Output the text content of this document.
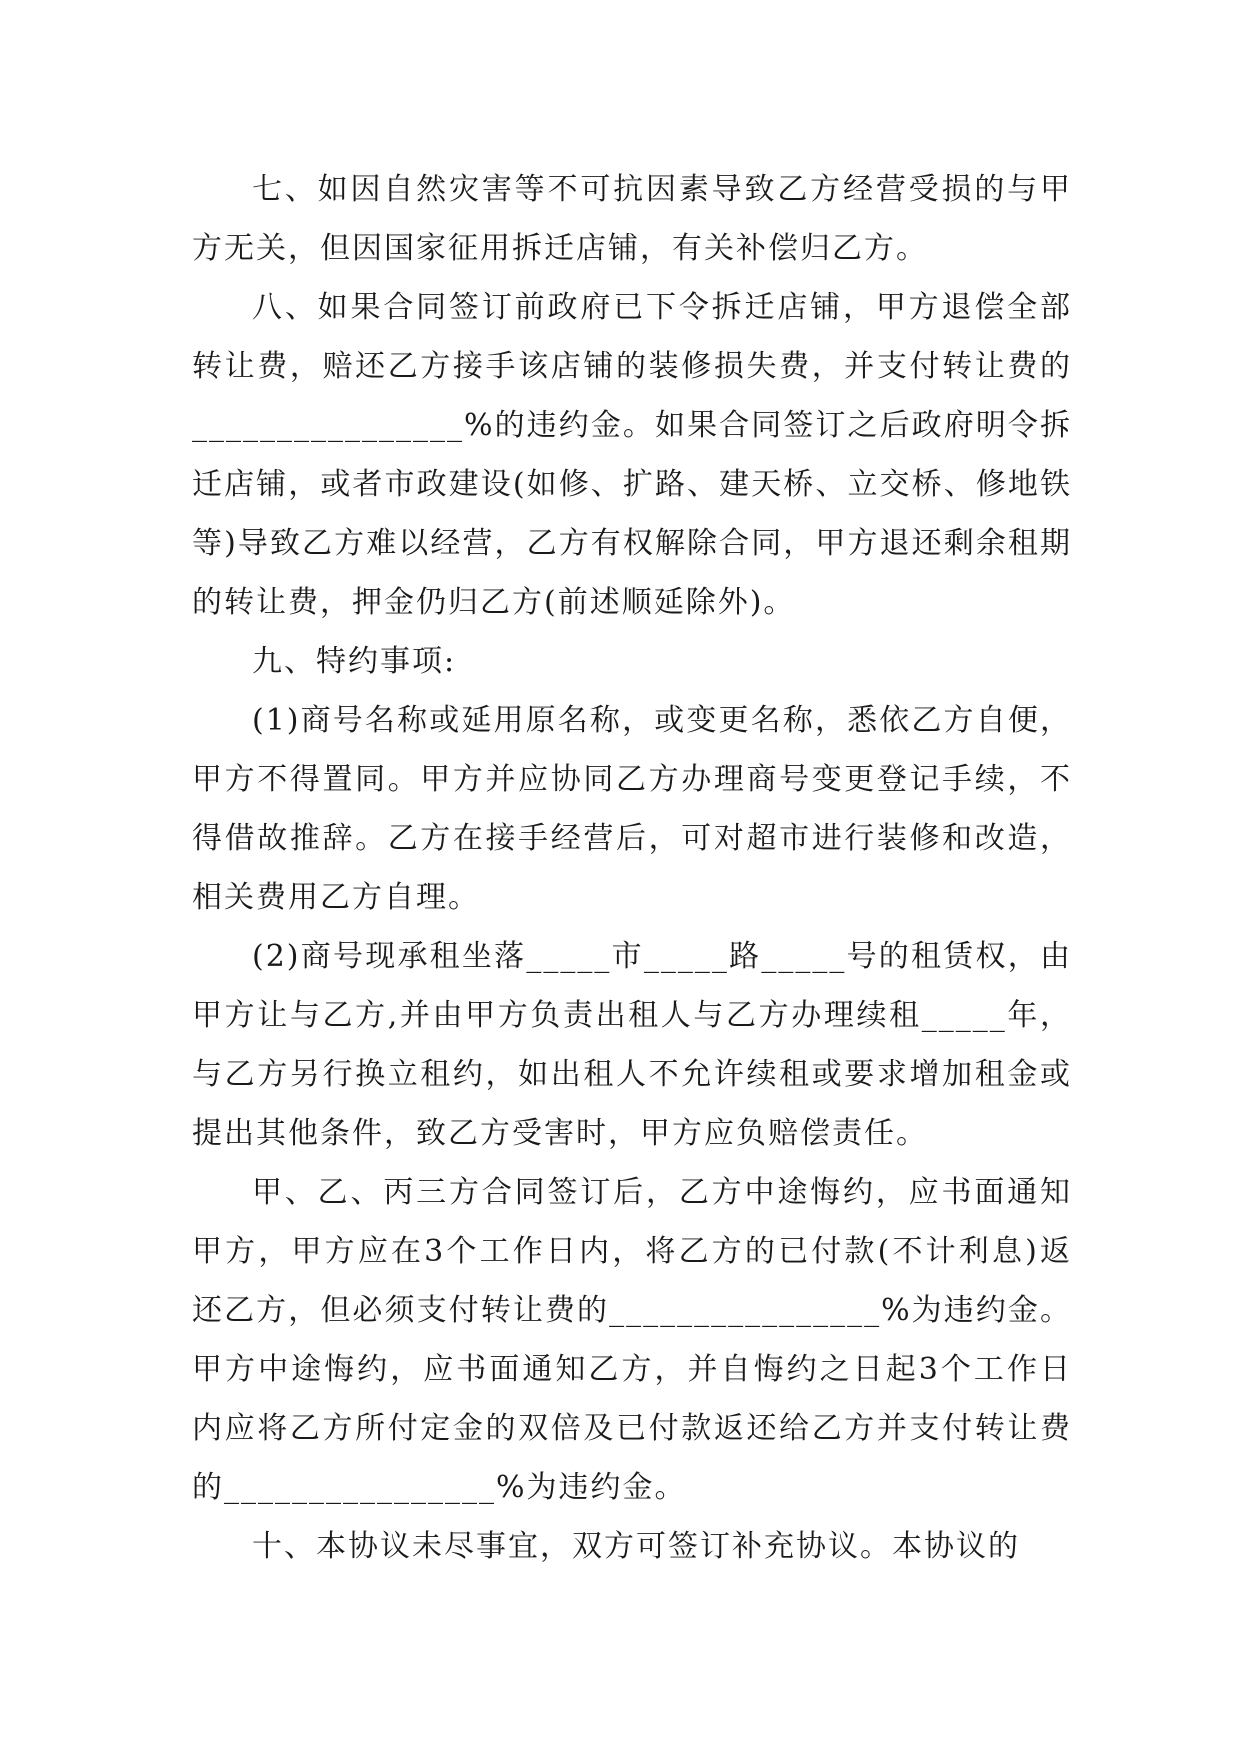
七、如因自然灾害等不可抗因素导致乙方经营受损的与甲方无关，但因国家征用拆迁店铺，有关补偿归乙方。

八、如果合同签订前政府已下令拆迁店铺，甲方退偿全部转让费，赔还乙方接手该店铺的装修损失费，并支付转让费的________________%的违约金。如果合同签订之后政府明令拆迁店铺，或者市政建设(如修、扩路、建天桥、立交桥、修地铁等)导致乙方难以经营，乙方有权解除合同，甲方退还剩余租期的转让费，押金仍归乙方(前述顺延除外)。

九、特约事项:

(1)商号名称或延用原名称，或变更名称，悉依乙方自便，甲方不得置同。甲方并应协同乙方办理商号变更登记手续，不得借故推辞。乙方在接手经营后，可对超市进行装修和改造，相关费用乙方自理。

(2)商号现承租坐落_____市_____路_____号的租赁权，由甲方让与乙方,并由甲方负责出租人与乙方办理续租_____年，与乙方另行换立租约，如出租人不允许续租或要求增加租金或提出其他条件，致乙方受害时，甲方应负赔偿责任。

甲、乙、丙三方合同签订后，乙方中途悔约，应书面通知甲方，甲方应在3个工作日内，将乙方的已付款(不计利息)返还乙方，但必须支付转让费的________________%为违约金。甲方中途悔约，应书面通知乙方，并自悔约之日起3个工作日内应将乙方所付定金的双倍及已付款返还给乙方并支付转让费的________________%为违约金。

十、本协议未尽事宜，双方可签订补充协议。本协议的
